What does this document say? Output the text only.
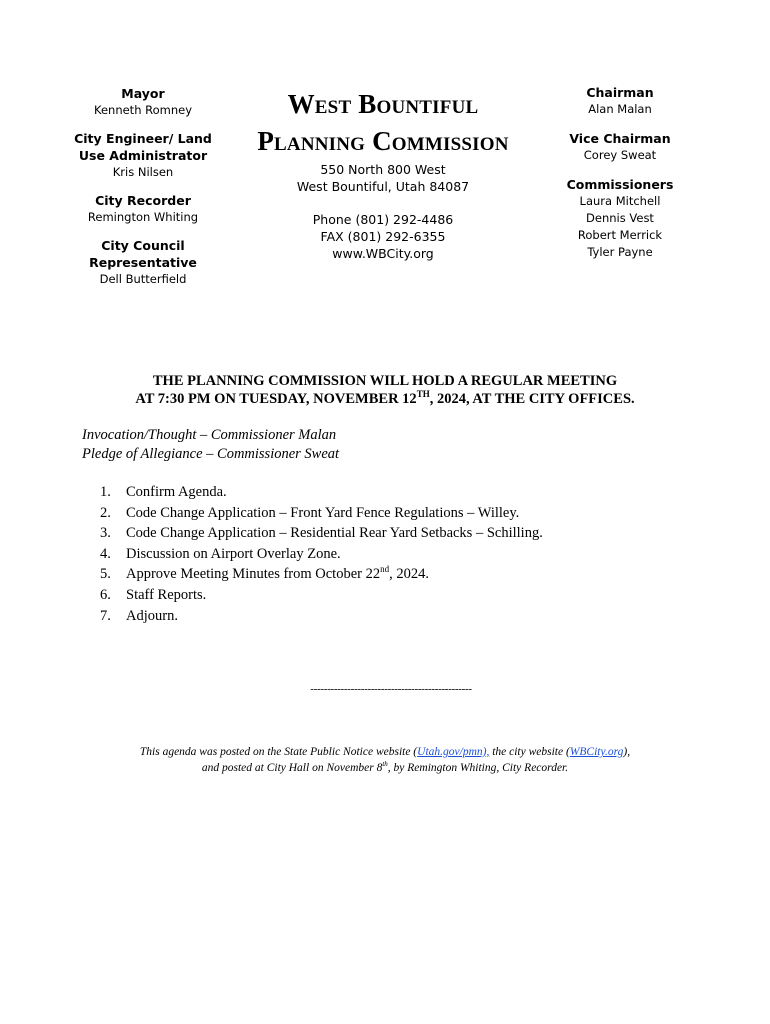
Mayor
Kenneth Romney
City Engineer/ Land
Use Administrator
Kris Nilsen
City Recorder
Remington Whiting
City Council
Representative
Dell Butterfield
West Bountiful
Planning Commission
550 North 800 West
West Bountiful, Utah 84087
Phone (801) 292-4486
FAX (801) 292-6355
www.WBCity.org
Chairman
Alan Malan
Vice Chairman
Corey Sweat
Commissioners
Laura Mitchell
Dennis Vest
Robert Merrick
Tyler Payne
THE PLANNING COMMISSION WILL HOLD A REGULAR MEETING
AT 7:30 PM ON TUESDAY, NOVEMBER 12TH, 2024, AT THE CITY OFFICES.
Invocation/Thought – Commissioner Malan
Pledge of Allegiance – Commissioner Sweat
1.	Confirm Agenda.
2.	Code Change Application – Front Yard Fence Regulations – Willey.
3.	Code Change Application – Residential Rear Yard Setbacks – Schilling.
4.	Discussion on Airport Overlay Zone.
5.	Approve Meeting Minutes from October 22nd, 2024.
6.	Staff Reports.
7.	Adjourn.
------------------------------------------------
This agenda was posted on the State Public Notice website (Utah.gov/pmn), the city website (WBCity.org),
and posted at City Hall on November 8th, by Remington Whiting, City Recorder.
